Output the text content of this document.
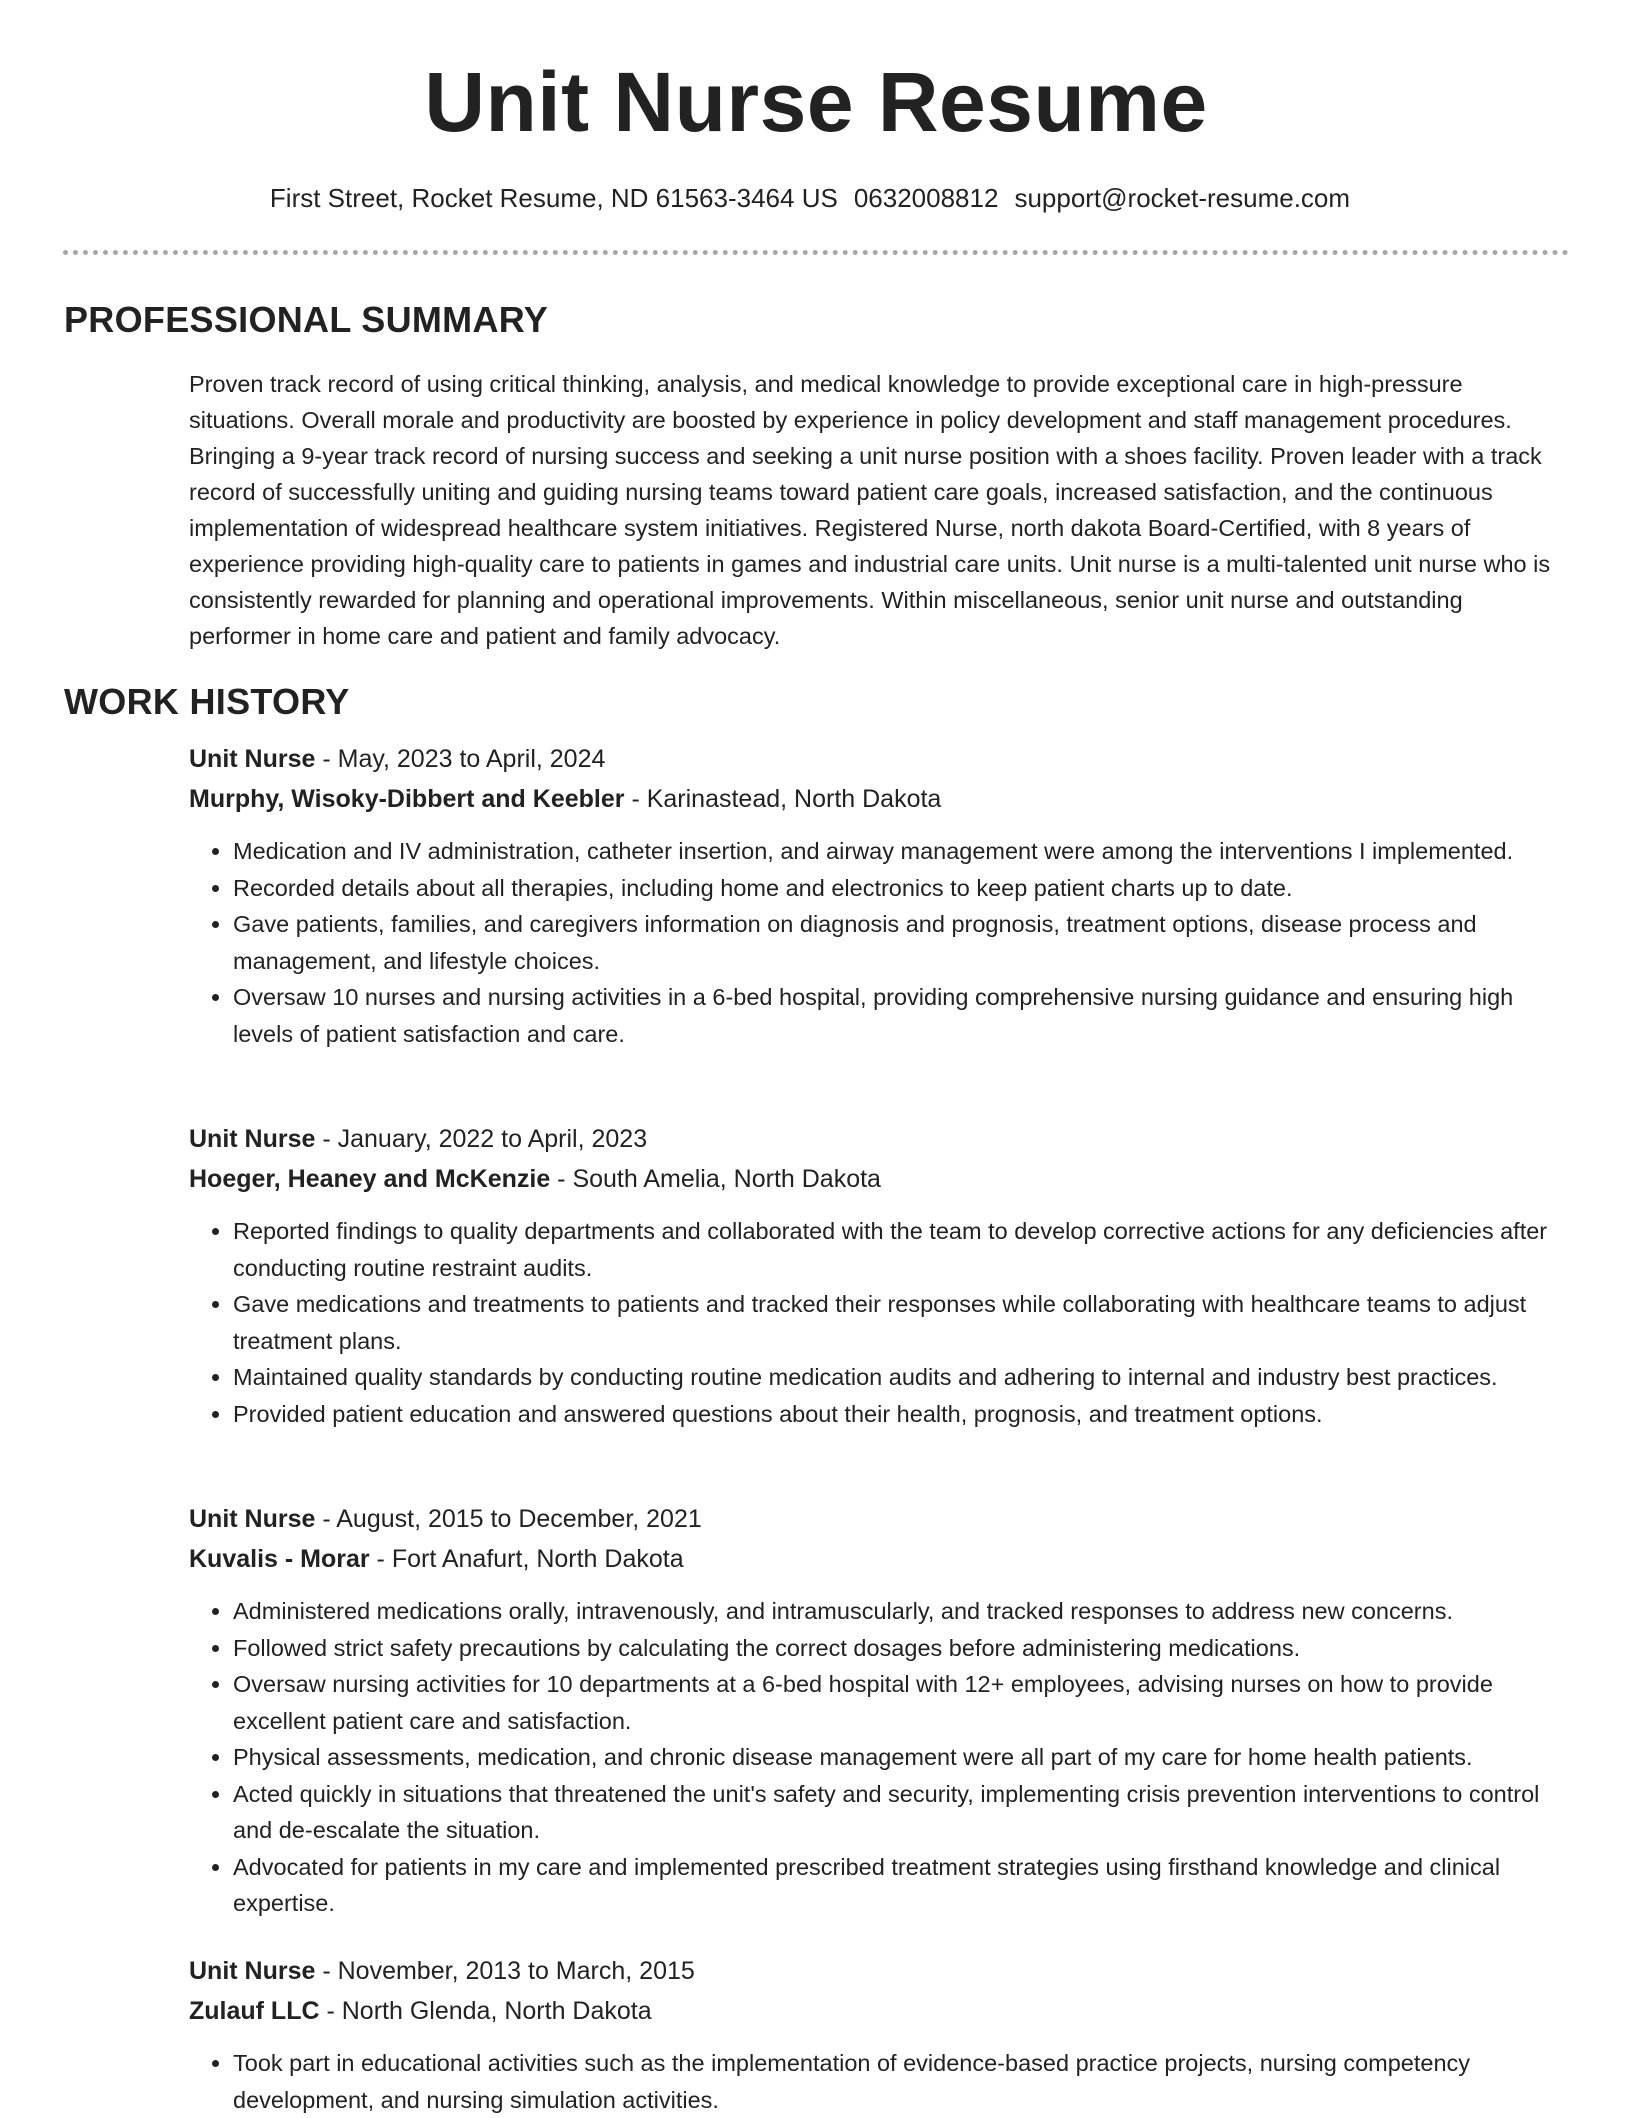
Unit Nurse Resume
First Street, Rocket Resume, ND 61563-3464 US 0632008812 support@rocket-resume.com
PROFESSIONAL SUMMARY

Proven track record of using critical thinking, analysis, and medical knowledge to provide exceptional care in high-pressure situations. Overall morale and productivity are boosted by experience in policy development and staff management procedures. Bringing a 9-year track record of nursing success and seeking a unit nurse position with a shoes facility. Proven leader with a track record of successfully uniting and guiding nursing teams toward patient care goals, increased satisfaction, and the continuous implementation of widespread healthcare system initiatives. Registered Nurse, north dakota Board-Certified, with 8 years of experience providing high-quality care to patients in games and industrial care units. Unit nurse is a multi-talented unit nurse who is consistently rewarded for planning and operational improvements. Within miscellaneous, senior unit nurse and outstanding performer in home care and patient and family advocacy.

WORK HISTORY
Unit Nurse - May, 2023 to April, 2024
Murphy, Wisoky-Dibbert and Keebler - Karinastead, North Dakota
• Medication and IV administration, catheter insertion, and airway management were among the interventions I implemented.
• Recorded details about all therapies, including home and electronics to keep patient charts up to date.
• Gave patients, families, and caregivers information on diagnosis and prognosis, treatment options, disease process and management, and lifestyle choices.
• Oversaw 10 nurses and nursing activities in a 6-bed hospital, providing comprehensive nursing guidance and ensuring high levels of patient satisfaction and care.
Unit Nurse - January, 2022 to April, 2023
Hoeger, Heaney and McKenzie - South Amelia, North Dakota
• Reported findings to quality departments and collaborated with the team to develop corrective actions for any deficiencies after conducting routine restraint audits.
• Gave medications and treatments to patients and tracked their responses while collaborating with healthcare teams to adjust treatment plans.
• Maintained quality standards by conducting routine medication audits and adhering to internal and industry best practices.
• Provided patient education and answered questions about their health, prognosis, and treatment options.
Unit Nurse - August, 2015 to December, 2021
Kuvalis - Morar - Fort Anafurt, North Dakota
• Administered medications orally, intravenously, and intramuscularly, and tracked responses to address new concerns.
• Followed strict safety precautions by calculating the correct dosages before administering medications.
• Oversaw nursing activities for 10 departments at a 6-bed hospital with 12+ employees, advising nurses on how to provide excellent patient care and satisfaction.
• Physical assessments, medication, and chronic disease management were all part of my care for home health patients.
• Acted quickly in situations that threatened the unit's safety and security, implementing crisis prevention interventions to control and de-escalate the situation.
• Advocated for patients in my care and implemented prescribed treatment strategies using firsthand knowledge and clinical expertise.
Unit Nurse - November, 2013 to March, 2015
Zulauf LLC - North Glenda, North Dakota
• Took part in educational activities such as the implementation of evidence-based practice projects, nursing competency development, and nursing simulation activities.
